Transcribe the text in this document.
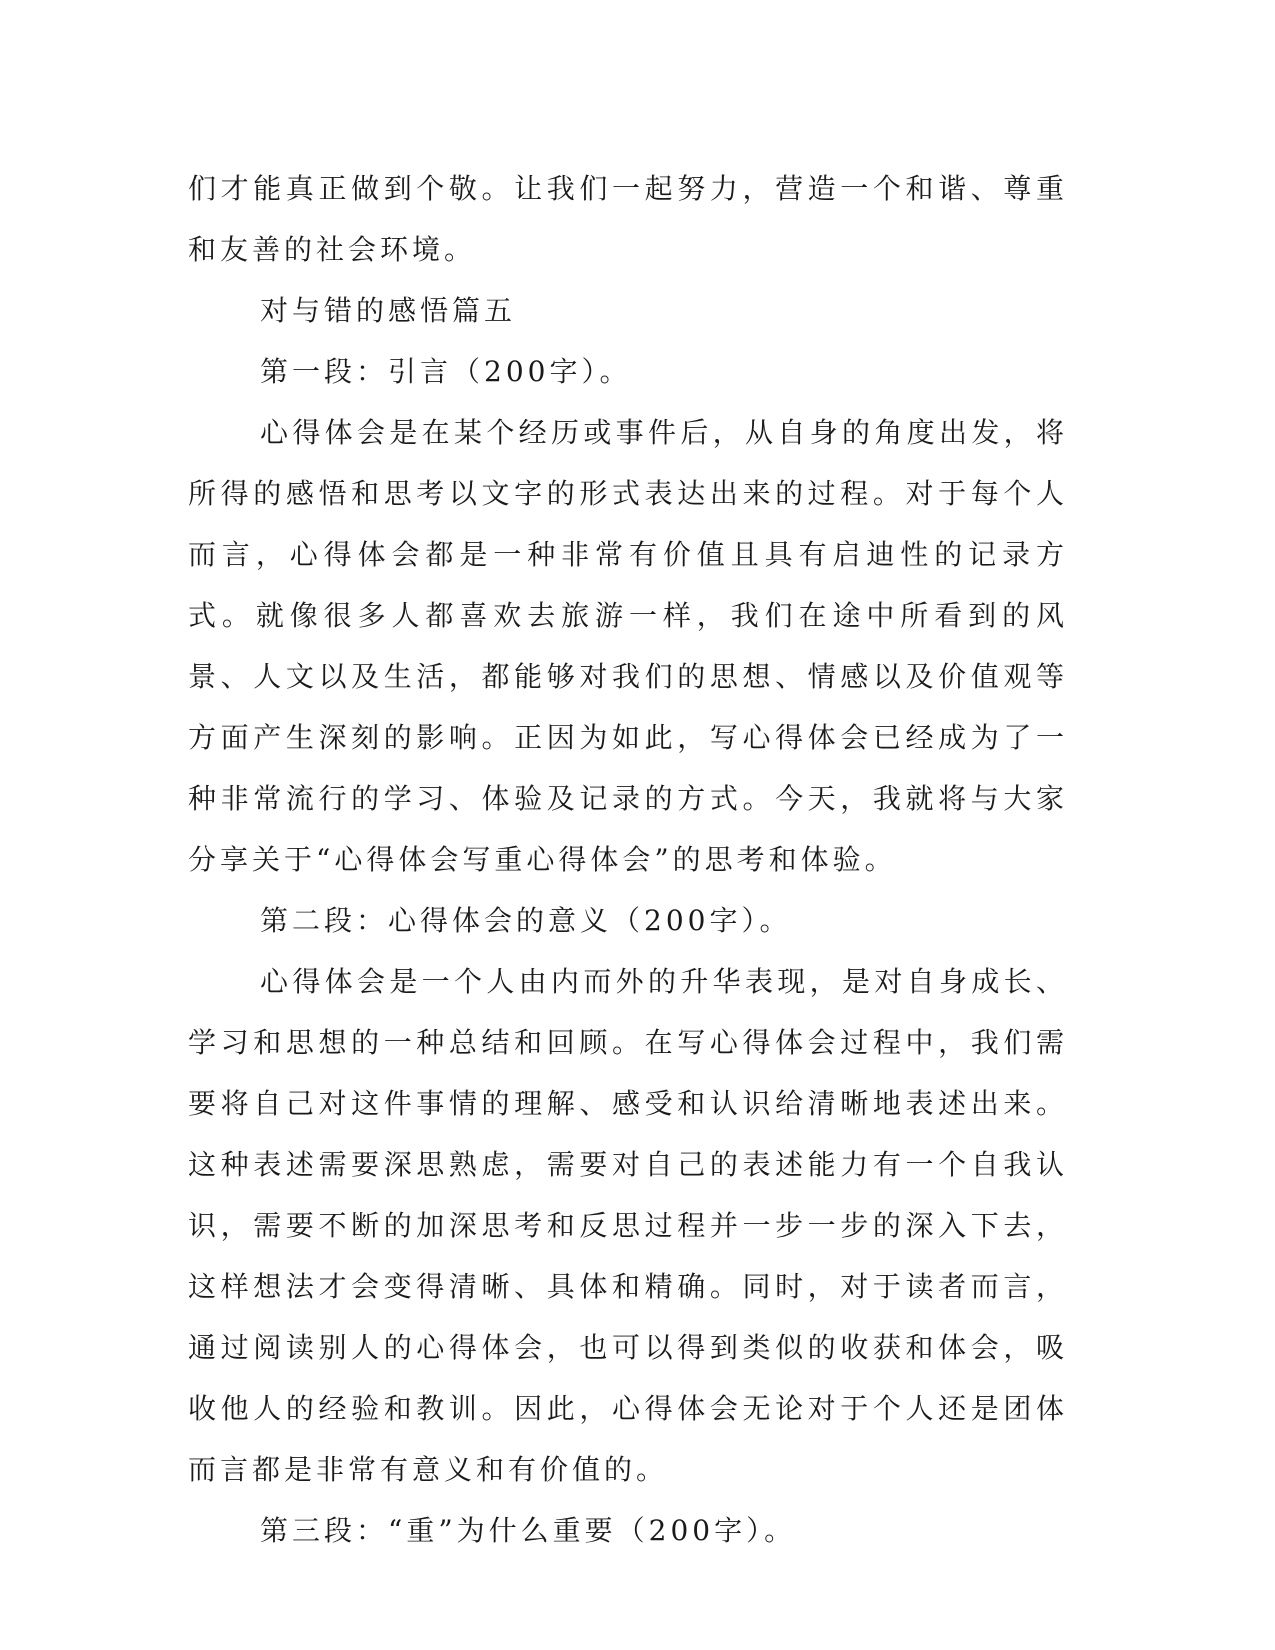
们才能真正做到个敬。让我们一起努力，营造一个和谐、尊重和友善的社会环境。

对与错的感悟篇五

第一段：引言（200字）。

心得体会是在某个经历或事件后，从自身的角度出发，将所得的感悟和思考以文字的形式表达出来的过程。对于每个人而言，心得体会都是一种非常有价值且具有启迪性的记录方式。就像很多人都喜欢去旅游一样，我们在途中所看到的风景、人文以及生活，都能够对我们的思想、情感以及价值观等方面产生深刻的影响。正因为如此，写心得体会已经成为了一种非常流行的学习、体验及记录的方式。今天，我就将与大家分享关于“心得体会写重心得体会”的思考和体验。

第二段：心得体会的意义（200字）。

心得体会是一个人由内而外的升华表现，是对自身成长、学习和思想的一种总结和回顾。在写心得体会过程中，我们需要将自己对这件事情的理解、感受和认识给清晰地表述出来。这种表述需要深思熟虑，需要对自己的表述能力有一个自我认识，需要不断的加深思考和反思过程并一步一步的深入下去，这样想法才会变得清晰、具体和精确。同时，对于读者而言，通过阅读别人的心得体会，也可以得到类似的收获和体会，吸收他人的经验和教训。因此，心得体会无论对于个人还是团体而言都是非常有意义和有价值的。

第三段：“重”为什么重要（200字）。
